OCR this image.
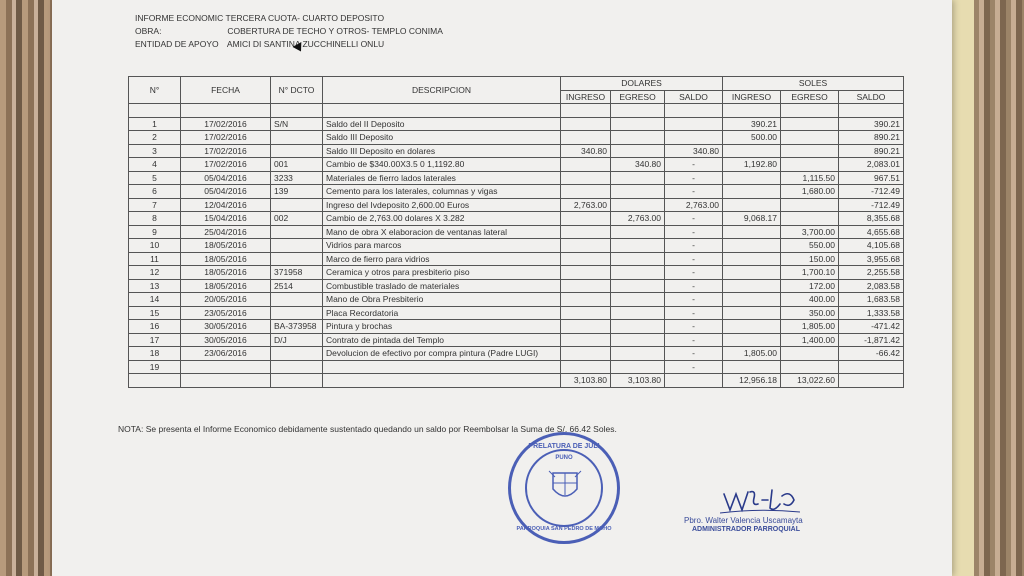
INFORME ECONOMIC TERCERA CUOTA- CUARTO DEPOSITO
OBRA:	COBERTURA DE TECHO Y OTROS- TEMPLO CONIMA
ENTIDAD DE APOYO AMICI DI SANTINA ZUCCHINELLI ONLU
N°	FECHA	N° DCTO	DESCRIPCION	DOLARES			SOLES		
				INGRESO	EGRESO	SALDO	INGRESO	EGRESO	SALDO

1	17/02/2016	S/N	Saldo del II Deposito				390.21		390.21
2	17/02/2016		Saldo III Deposito				500.00		890.21
3	17/02/2016		Saldo III Deposito en dolares	340.80		340.80			890.21
4	17/02/2016	001	Cambio de $340.00X3.5 0 1,1192.80		340.80	-	1,192.80		2,083.01
5	05/04/2016	3233	Materiales de fierro lados laterales			-		1,115.50	967.51
6	05/04/2016	139	Cemento para los laterales, columnas y vigas			-		1,680.00	-712.49
7	12/04/2016		Ingreso del Ivdeposito 2,600.00 Euros	2,763.00		2,763.00			-712.49
8	15/04/2016	002	Cambio de 2,763.00 dolares X 3.282		2,763.00	-	9,068.17		8,355.68
9	25/04/2016		Mano de obra X elaboracion de ventanas lateral			-		3,700.00	4,655.68
10	18/05/2016		Vidrios para marcos			-		550.00	4,105.68
11	18/05/2016		Marco de fierro para vidrios			-		150.00	3,955.68
12	18/05/2016	371958	Ceramica y otros para presbiterio piso			-		1,700.10	2,255.58
13	18/05/2016	2514	Combustible traslado de materiales			-		172.00	2,083.58
14	20/05/2016		Mano de Obra Presbiterio			-		400.00	1,683.58
15	23/05/2016		Placa Recordatoria			-		350.00	1,333.58
16	30/05/2016	BA-373958	Pintura y brochas			-		1,805.00	-471.42
17	30/05/2016	D/J	Contrato de pintada del Templo			-		1,400.00	-1,871.42
18	23/06/2016		Devolucion de efectivo por compra pintura (Padre LUGI)			-	1,805.00		-66.42
19						-			
				3,103.80	3,103.80		12,956.18	13,022.60	
NOTA: Se presenta el Informe Economico debidamente sustentado quedando un saldo por Reembolsar la Suma de S/. 66.42 Soles.
PRELATURA DE JULI
PUNO
PARROQUIA SAN PEDRO DE MOHO
Pbro. Walter Valencia Uscamayta
ADMINISTRADOR PARROQUIAL
